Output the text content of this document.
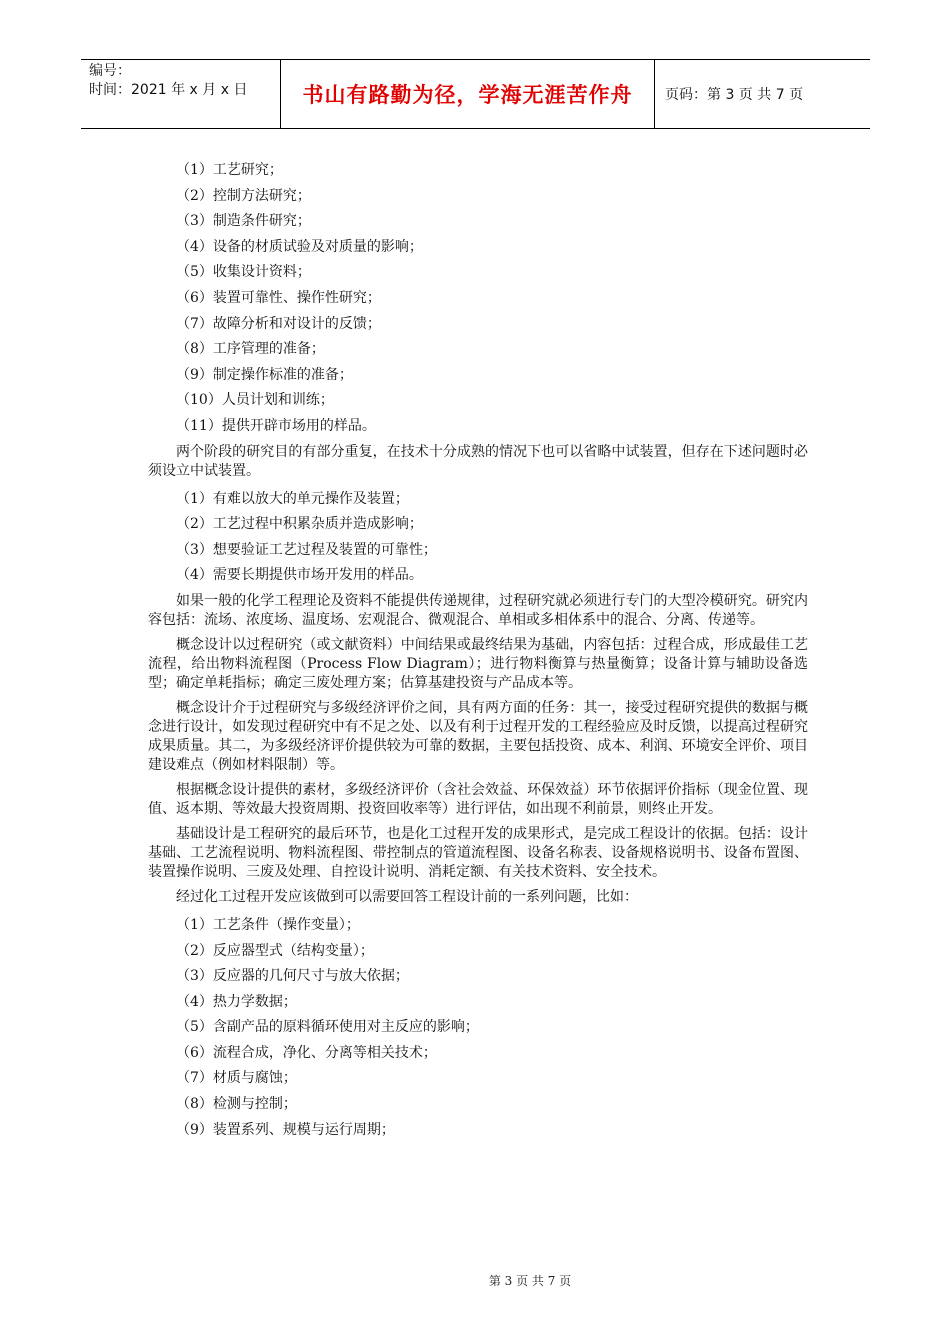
编号：
时间：2021 年 x 月 x 日	书山有路勤为径，学海无涯苦作舟	页码：第 3 页 共 7 页
（1）工艺研究；
（2）控制方法研究；
（3）制造条件研究；
（4）设备的材质试验及对质量的影响；
（5）收集设计资料；
（6）装置可靠性、操作性研究；
（7）故障分析和对设计的反馈；
（8）工序管理的准备；
（9）制定操作标准的准备；
（10）人员计划和训练；
（11）提供开辟市场用的样品。

两个阶段的研究目的有部分重复，在技术十分成熟的情况下也可以省略中试装置，但存在下述问题时必须设立中试装置。

（1）有难以放大的单元操作及装置；
（2）工艺过程中积累杂质并造成影响；
（3）想要验证工艺过程及装置的可靠性；
（4）需要长期提供市场开发用的样品。

如果一般的化学工程理论及资料不能提供传递规律，过程研究就必须进行专门的大型冷模研究。研究内容包括：流场、浓度场、温度场、宏观混合、微观混合、单相或多相体系中的混合、分离、传递等。

概念设计以过程研究（或文献资料）中间结果或最终结果为基础，内容包括：过程合成，形成最佳工艺流程，给出物料流程图（Process Flow Diagram）；进行物料衡算与热量衡算；设备计算与辅助设备选型；确定单耗指标；确定三废处理方案；估算基建投资与产品成本等。

概念设计介于过程研究与多级经济评价之间，具有两方面的任务：其一，接受过程研究提供的数据与概念进行设计，如发现过程研究中有不足之处、以及有利于过程开发的工程经验应及时反馈，以提高过程研究成果质量。其二，为多级经济评价提供较为可靠的数据，主要包括投资、成本、利润、环境安全评价、项目建设难点（例如材料限制）等。

根据概念设计提供的素材，多级经济评价（含社会效益、环保效益）环节依据评价指标（现金位置、现值、返本期、等效最大投资周期、投资回收率等）进行评估，如出现不利前景，则终止开发。

基础设计是工程研究的最后环节，也是化工过程开发的成果形式，是完成工程设计的依据。包括：设计基础、工艺流程说明、物料流程图、带控制点的管道流程图、设备名称表、设备规格说明书、设备布置图、装置操作说明、三废及处理、自控设计说明、消耗定额、有关技术资料、安全技术。

经过化工过程开发应该做到可以需要回答工程设计前的一系列问题，比如：

（1）工艺条件（操作变量）；
（2）反应器型式（结构变量）；
（3）反应器的几何尺寸与放大依据；
（4）热力学数据；
（5）含副产品的原料循环使用对主反应的影响；
（6）流程合成，净化、分离等相关技术；
（7）材质与腐蚀；
（8）检测与控制；
（9）装置系列、规模与运行周期；
第 3 页 共 7 页
